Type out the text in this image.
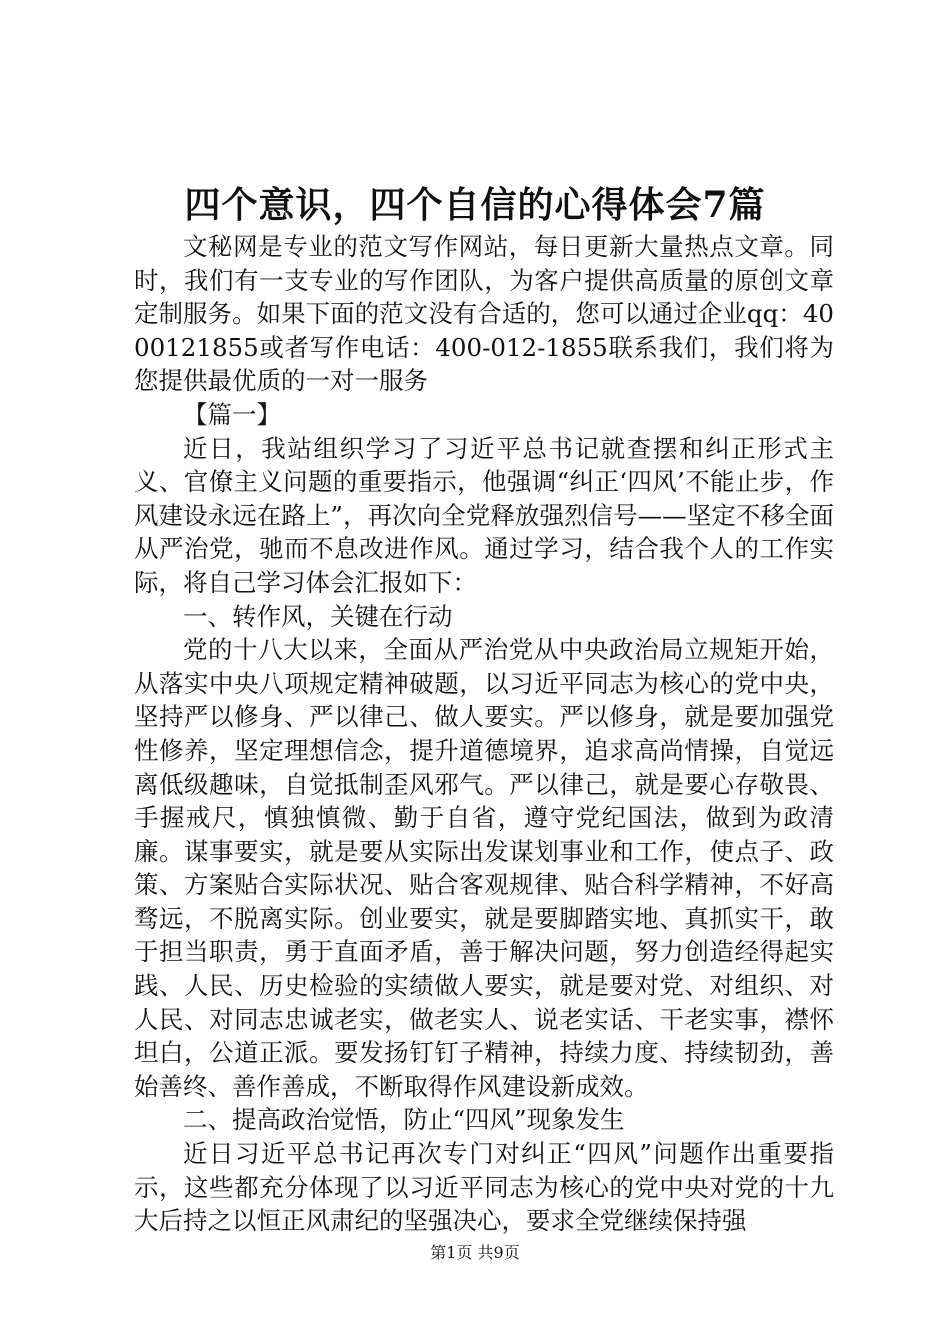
四个意识，四个自信的心得体会7篇

文秘网是专业的范文写作网站，每日更新大量热点文章。同时，我们有一支专业的写作团队，为客户提供高质量的原创文章定制服务。如果下面的范文没有合适的，您可以通过企业qq：4000121855或者写作电话：400-012-1855联系我们，我们将为您提供最优质的一对一服务

【篇一】

近日，我站组织学习了习近平总书记就查摆和纠正形式主义、官僚主义问题的重要指示，他强调“纠正‘四风’不能止步，作风建设永远在路上”，再次向全党释放强烈信号——坚定不移全面从严治党，驰而不息改进作风。通过学习，结合我个人的工作实际，将自己学习体会汇报如下：

一、转作风，关键在行动

党的十八大以来，全面从严治党从中央政治局立规矩开始，从落实中央八项规定精神破题，以习近平同志为核心的党中央，坚持严以修身、严以律己、做人要实。严以修身，就是要加强党性修养，坚定理想信念，提升道德境界，追求高尚情操，自觉远离低级趣味，自觉抵制歪风邪气。严以律己，就是要心存敬畏、手握戒尺，慎独慎微、勤于自省，遵守党纪国法，做到为政清廉。谋事要实，就是要从实际出发谋划事业和工作，使点子、政策、方案贴合实际状况、贴合客观规律、贴合科学精神，不好高骛远，不脱离实际。创业要实，就是要脚踏实地、真抓实干，敢于担当职责，勇于直面矛盾，善于解决问题，努力创造经得起实践、人民、历史检验的实绩做人要实，就是要对党、对组织、对人民、对同志忠诚老实，做老实人、说老实话、干老实事，襟怀坦白，公道正派。要发扬钉钉子精神，持续力度、持续韧劲，善始善终、善作善成，不断取得作风建设新成效。

二、提高政治觉悟，防止“四风”现象发生

近日习近平总书记再次专门对纠正“四风”问题作出重要指示，这些都充分体现了以习近平同志为核心的党中央对党的十九大后持之以恒正风肃纪的坚强决心，要求全党继续保持强

第1页 共9页
